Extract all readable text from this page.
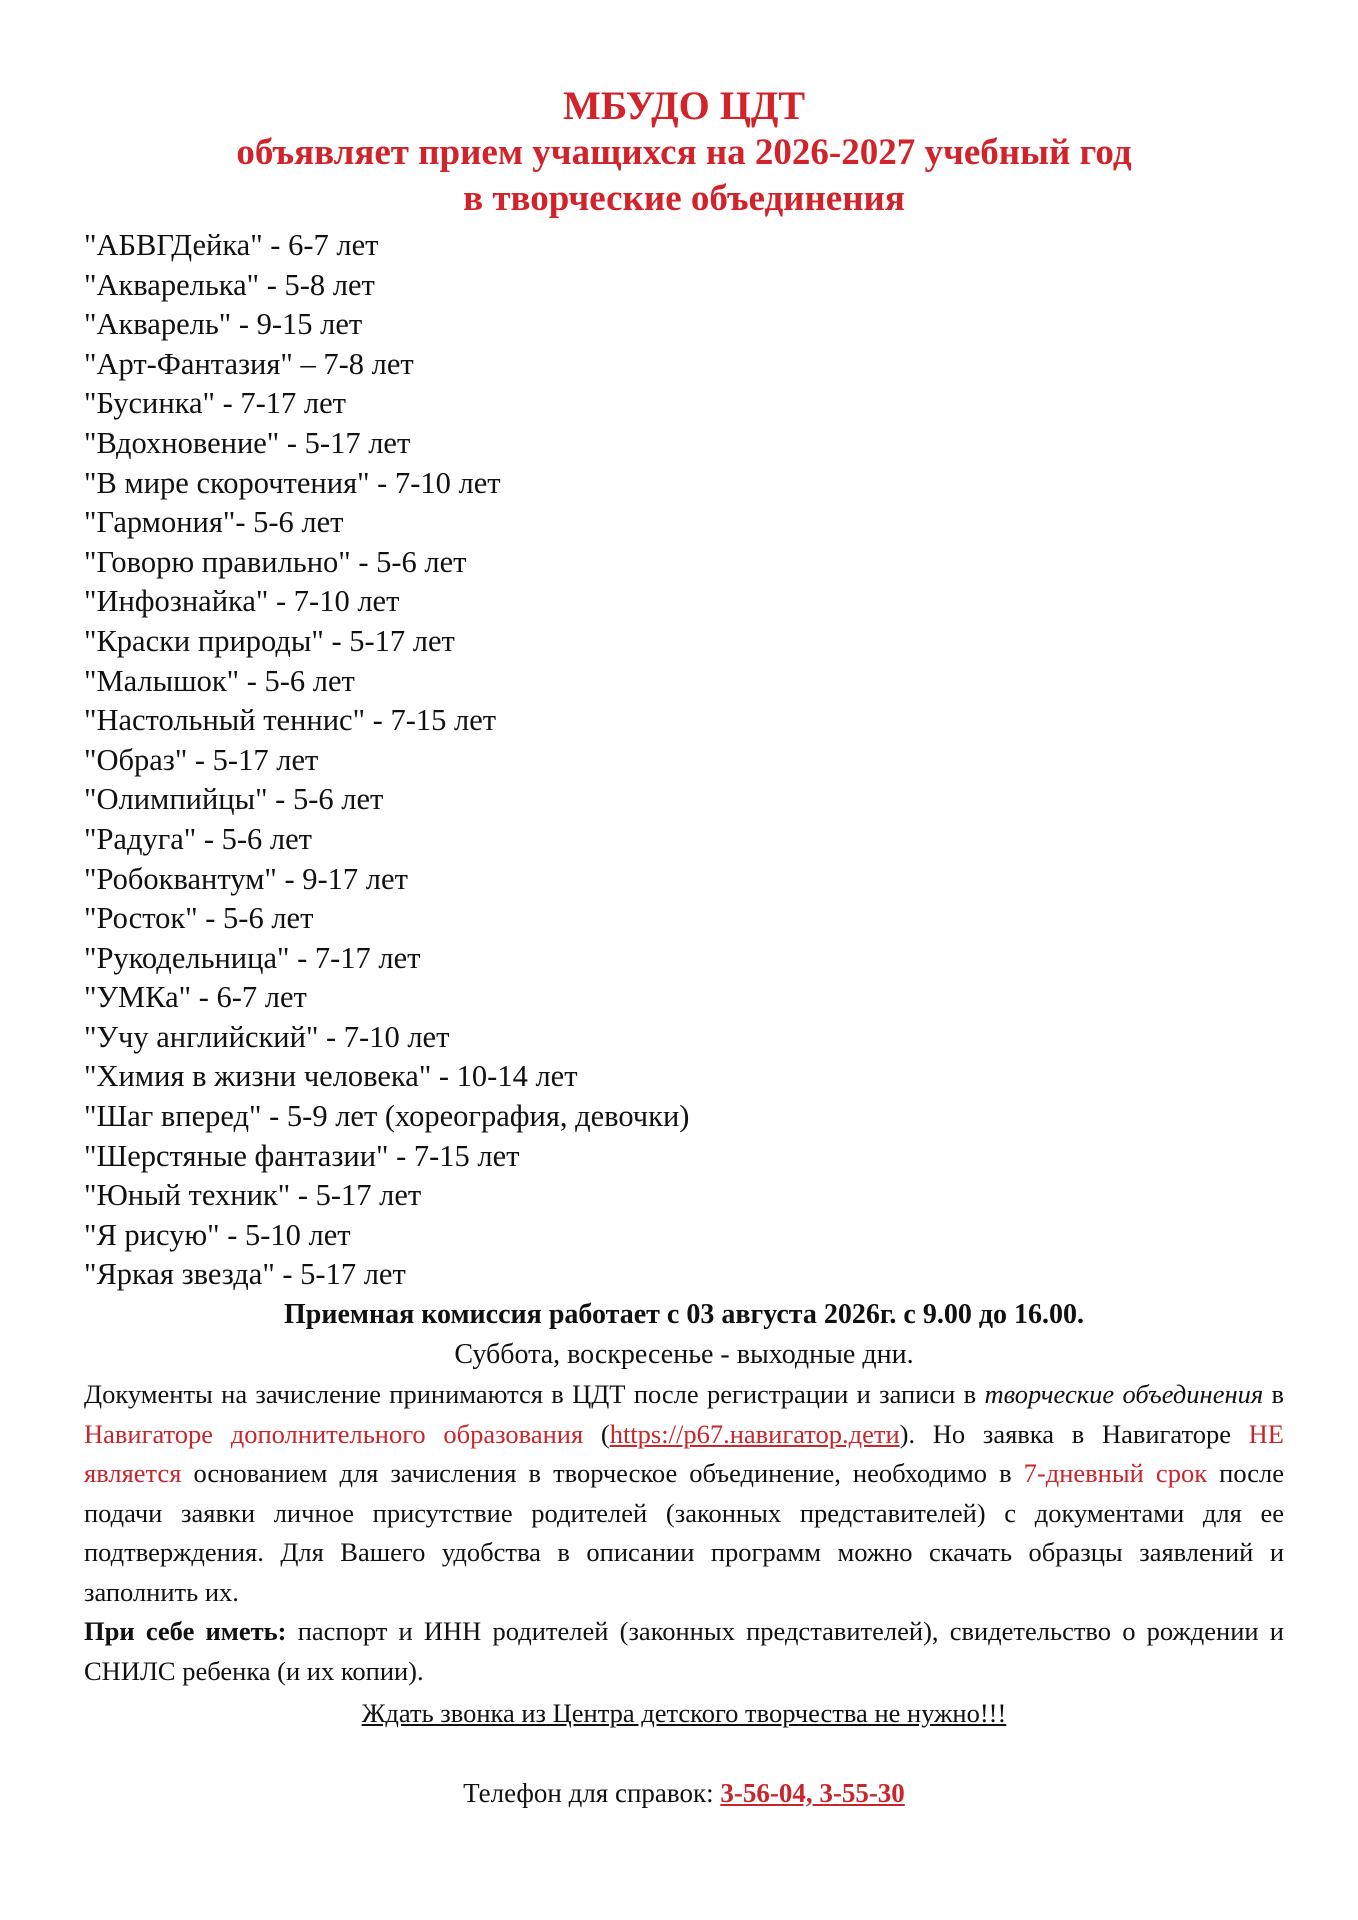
МБУДО ЦДТ
объявляет прием учащихся на 2026-2027 учебный год
в творческие объединения
"АБВГДейка" - 6-7 лет
"Акварелька" - 5-8 лет
"Акварель" - 9-15 лет
"Арт-Фантазия" – 7-8 лет
"Бусинка" - 7-17 лет
"Вдохновение" - 5-17 лет
"В мире скорочтения" - 7-10 лет
"Гармония"- 5-6 лет
"Говорю правильно" - 5-6 лет
"Инфознайка" - 7-10 лет
"Краски природы" - 5-17 лет
"Малышок" - 5-6 лет
"Настольный теннис" - 7-15 лет
"Образ" - 5-17 лет
"Олимпийцы" - 5-6 лет
"Радуга" - 5-6 лет
"Робоквантум" - 9-17 лет
"Росток" - 5-6 лет
"Рукодельница" - 7-17 лет
"УМКа" - 6-7 лет
"Учу английский" - 7-10 лет
"Химия в жизни человека" - 10-14 лет
"Шаг вперед" - 5-9 лет (хореография, девочки)
"Шерстяные фантазии" - 7-15 лет
"Юный техник" - 5-17 лет
"Я рисую" - 5-10 лет
"Яркая звезда" - 5-17 лет
Приемная комиссия работает с 03 августа 2026г. с 9.00 до 16.00.
Суббота, воскресенье - выходные дни.
Документы на зачисление принимаются в ЦДТ после регистрации и записи в творческие объединения в Навигаторе дополнительного образования (https://р67.навигатор.дети). Но заявка в Навигаторе НЕ является основанием для зачисления в творческое объединение, необходимо в 7-дневный срок после подачи заявки личное присутствие родителей (законных представителей) с документами для ее подтверждения. Для Вашего удобства в описании программ можно скачать образцы заявлений и заполнить их.
При себе иметь: паспорт и ИНН родителей (законных представителей), свидетельство о рождении и СНИЛС ребенка (и их копии).
Ждать звонка из Центра детского творчества не нужно!!!
Телефон для справок: 3-56-04, 3-55-30
